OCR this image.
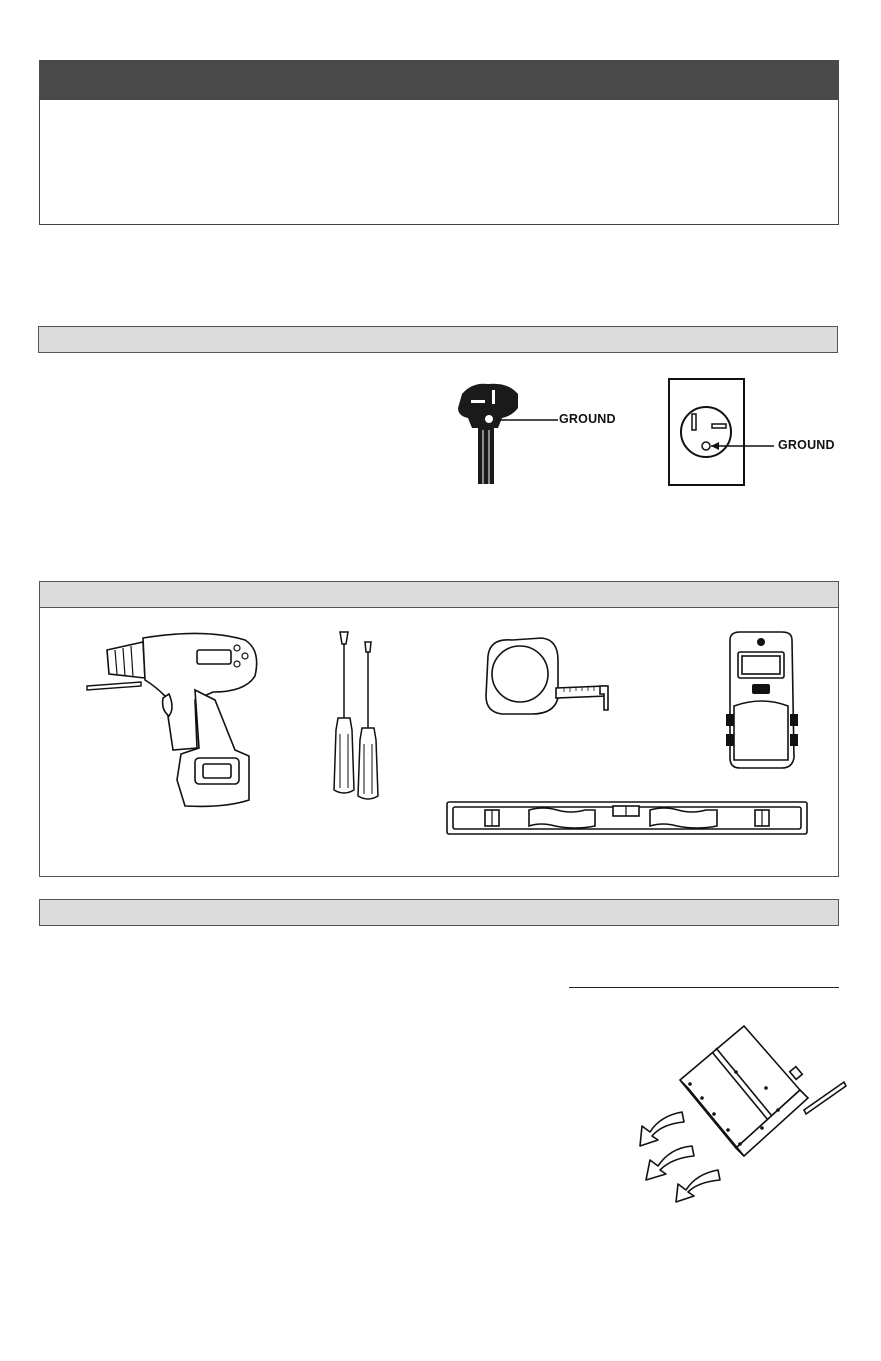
GROUND
GROUND
